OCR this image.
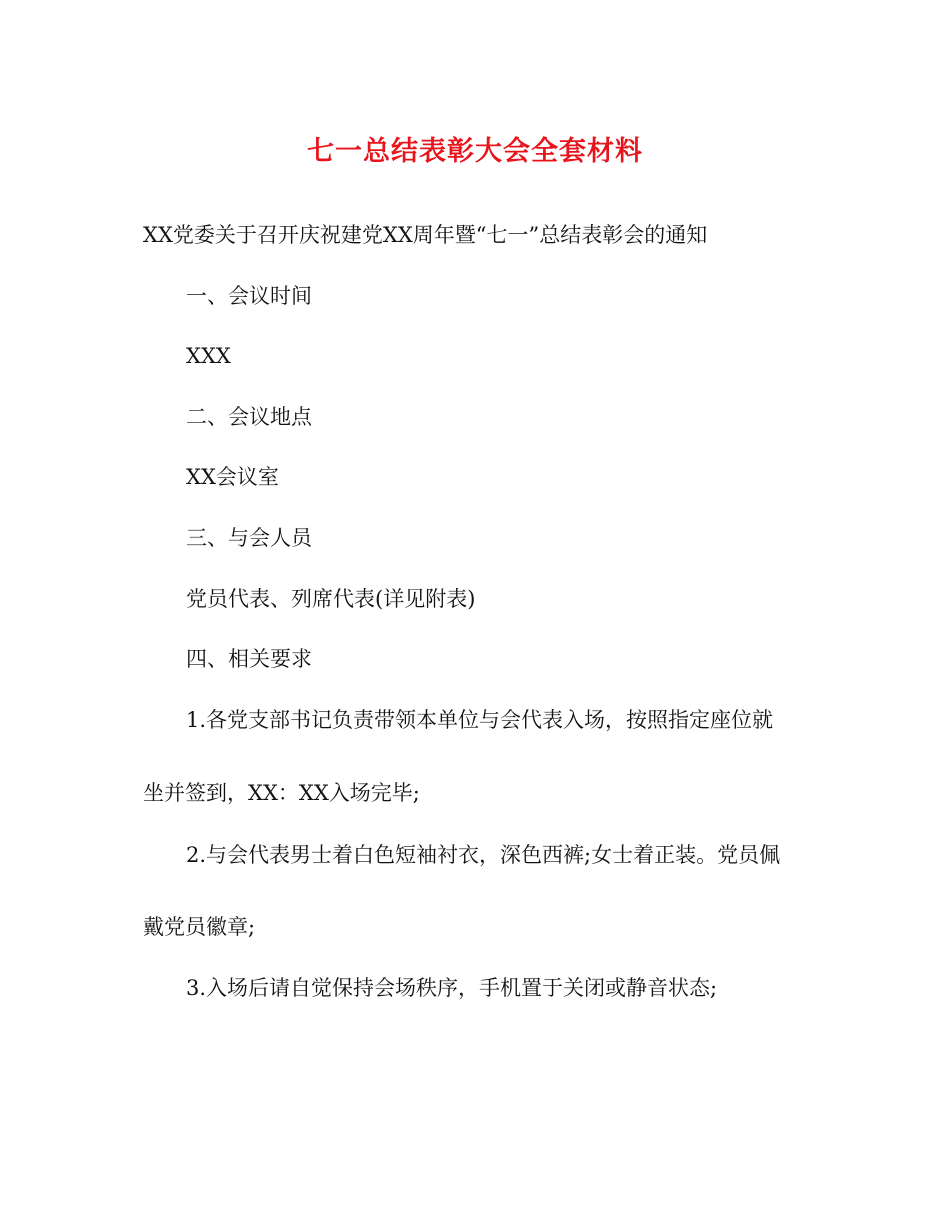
七一总结表彰大会全套材料

XX党委关于召开庆祝建党XX周年暨“七一”总结表彰会的通知

一、会议时间

XXX

二、会议地点

XX会议室

三、与会人员

党员代表、列席代表(详见附表)

四、相关要求

1.各党支部书记负责带领本单位与会代表入场，按照指定座位就

坐并签到，XX：XX入场完毕;

2.与会代表男士着白色短袖衬衣，深色西裤;女士着正装。党员佩

戴党员徽章;

3.入场后请自觉保持会场秩序，手机置于关闭或静音状态;
